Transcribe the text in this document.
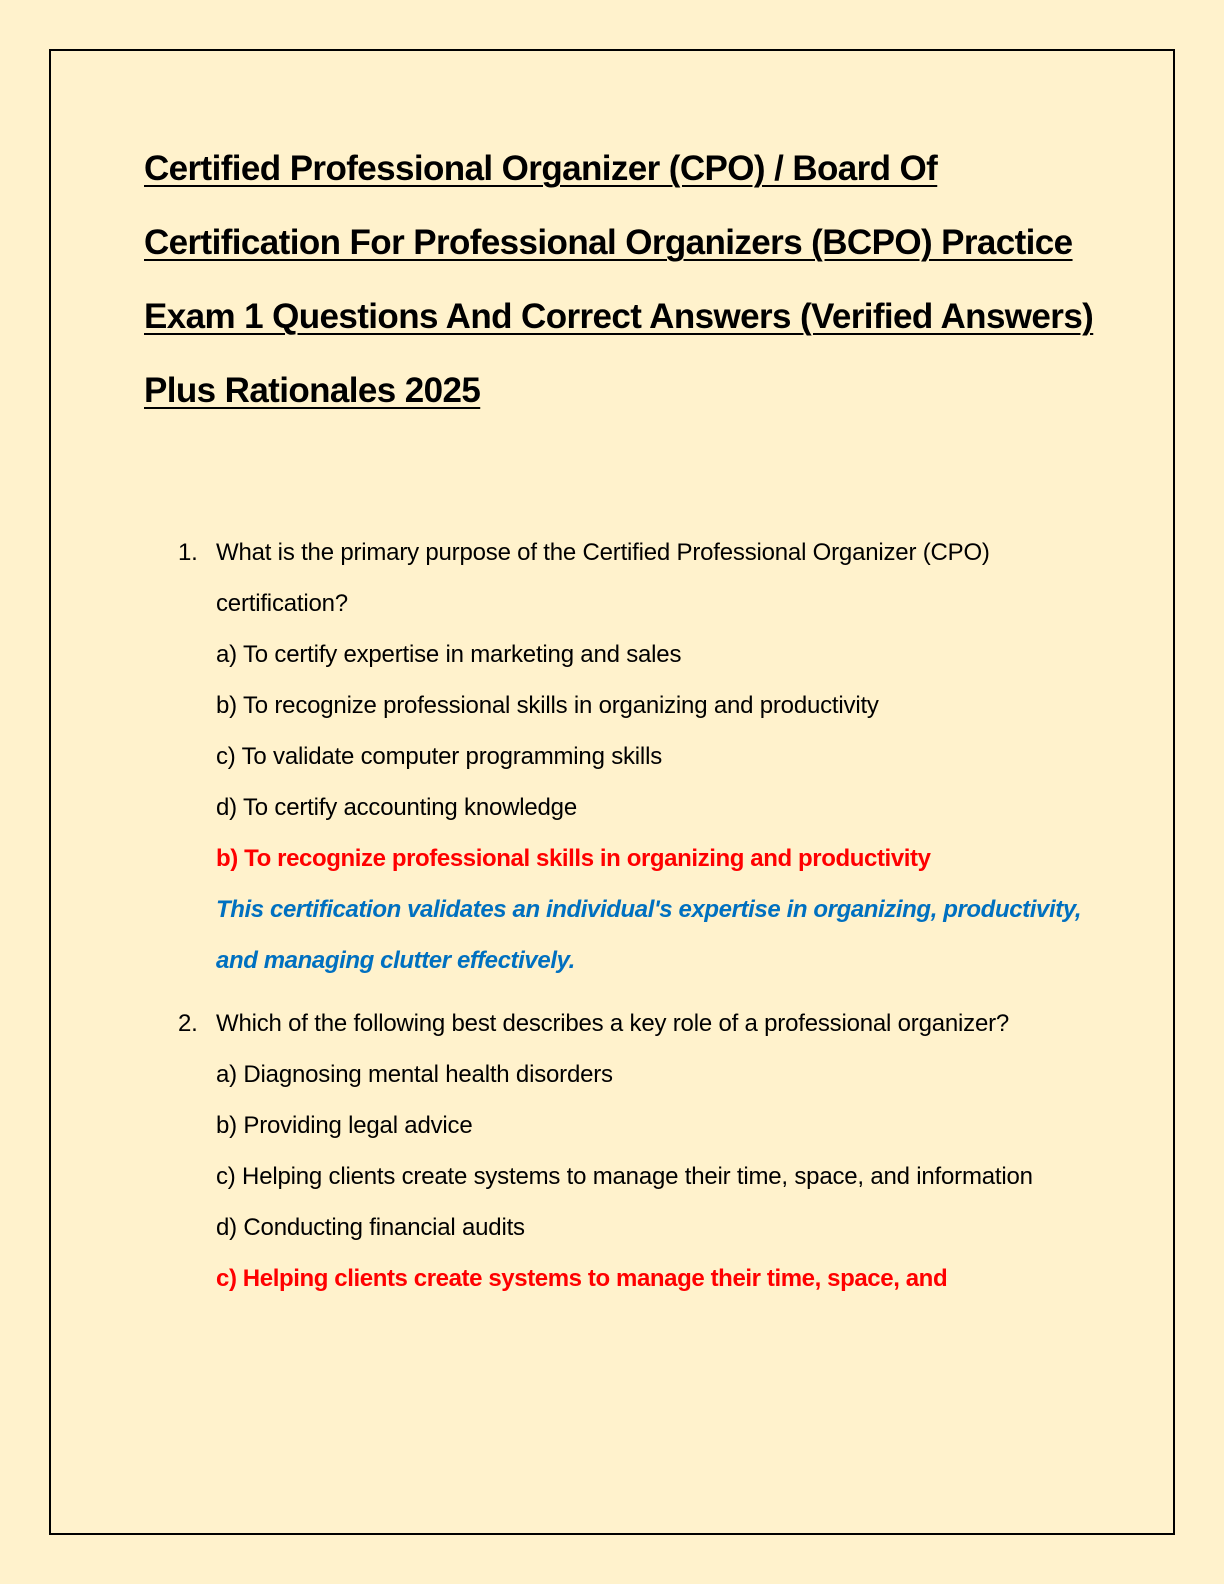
Certified Professional Organizer (CPO) / Board Of Certification For Professional Organizers (BCPO) Practice Exam 1 Questions And Correct Answers (Verified Answers) Plus Rationales 2025
1. What is the primary purpose of the Certified Professional Organizer (CPO) certification?
a) To certify expertise in marketing and sales
b) To recognize professional skills in organizing and productivity
c) To validate computer programming skills
d) To certify accounting knowledge
b) To recognize professional skills in organizing and productivity
This certification validates an individual's expertise in organizing, productivity, and managing clutter effectively.
2. Which of the following best describes a key role of a professional organizer?
a) Diagnosing mental health disorders
b) Providing legal advice
c) Helping clients create systems to manage their time, space, and information
d) Conducting financial audits
c) Helping clients create systems to manage their time, space, and
